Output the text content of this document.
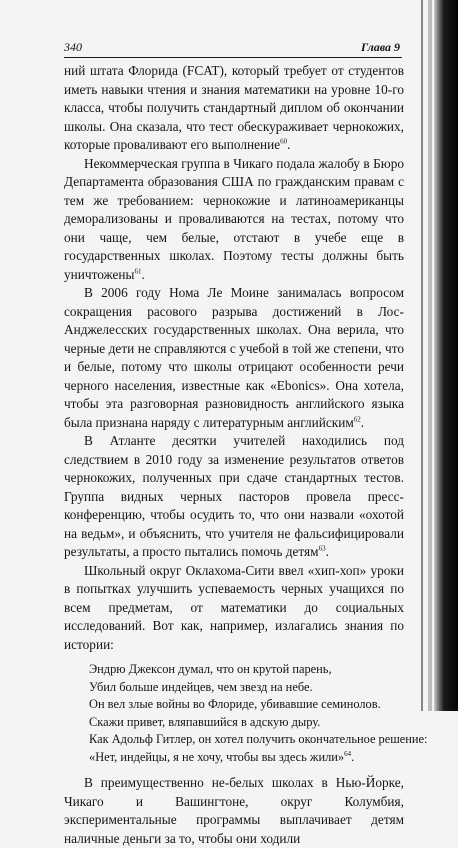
340	Глава 9

ний штата Флорида (FCAT), который требует от студентов иметь навыки чтения и знания математики на уровне 10-го класса, чтобы получить стандартный диплом об окончании школы. Она сказала, что тест обескураживает чернокожих, которые проваливают его выполнение$^{60}$.

Некоммерческая группа в Чикаго подала жалобу в Бюро Департамента образования США по гражданским правам с тем же требованием: чернокожие и латиноамериканцы деморализованы и проваливаются на тестах, потому что они чаще, чем белые, отстают в учебе еще в государственных школах. Поэтому тесты должны быть уничтожены$^{61}$.

В 2006 году Нома Ле Моине занималась вопросом сокращения расового разрыва достижений в Лос-Анджелесских государственных школах. Она верила, что черные дети не справляются с учебой в той же степени, что и белые, потому что школы отрицают особенности речи черного населения, известные как «Ebonics». Она хотела, чтобы эта разговорная разновидность английского языка была признана наряду с литературным английским$^{62}$.

В Атланте десятки учителей находились под следствием в 2010 году за изменение результатов ответов чернокожих, полученных при сдаче стандартных тестов. Группа видных черных пасторов провела пресс-конференцию, чтобы осудить то, что они назвали «охотой на ведьм», и объяснить, что учителя не фальсифицировали результаты, а просто пытались помочь детям$^{63}$.

Школьный округ Оклахома-Сити ввел «хип-хоп» уроки в попытках улучшить успеваемость черных учащихся по всем предметам, от математики до социальных исследований. Вот как, например, излагались знания по истории:

Эндрю Джексон думал, что он крутой парень,
Убил больше индейцев, чем звезд на небе.
Он вел злые войны во Флориде, убивавшие семинолов.
Скажи привет, вляпавшийся в адскую дыру.
Как Адольф Гитлер, он хотел получить окончательное решение:
«Нет, индейцы, я не хочу, чтобы вы здесь жили»$^{64}$.

В преимущественно не-белых школах в Нью-Йорке, Чикаго и Вашингтоне, округ Колумбия, экспериментальные программы выплачивает детям наличные деньги за то, чтобы они ходили
